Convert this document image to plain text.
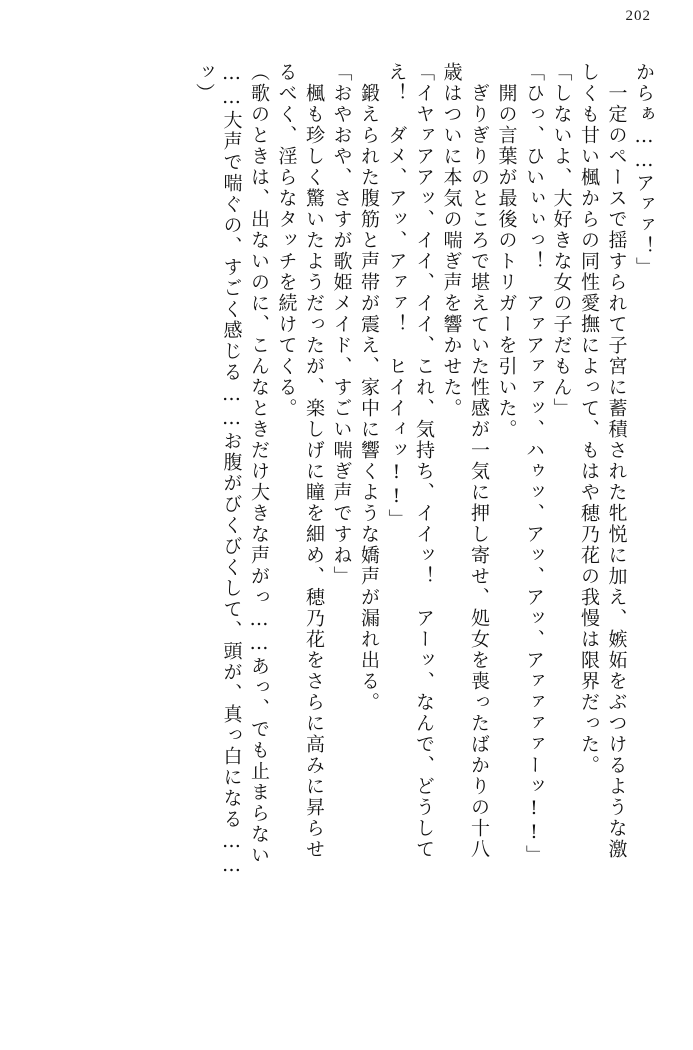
202
からぁ……アァァ！」
　一定のペースで揺すられて子宮に蓄積された牝悦に加え、嫉妬をぶつけるような激
しくも甘い楓からの同性愛撫によって、もはや穂乃花の我慢は限界だった。
「しないよ、大好きな女の子だもん」
「ひっ、ひいぃぃっ！　アァアァァッ、ハゥッ、アッ、アッ、アァァァァーッ!!」
　開の言葉が最後のトリガーを引いた。
　ぎりぎりのところで堪えていた性感が一気に押し寄せ、処女を喪ったばかりの十八
歳はついに本気の喘ぎ声を響かせた。
「イヤァアアッ、イイ、イイ、これ、気持ち、イイッ！　アーッ、なんで、どうして
え！　ダメ、アッ、アァァ！　ヒイイィッ!!」
　鍛えられた腹筋と声帯が震え、家中に響くような嬌声が漏れ出る。
「おやおや、さすが歌姫メイド、すごい喘ぎ声ですね」
　楓も珍しく驚いたようだったが、楽しげに瞳を細め、穂乃花をさらに高みに昇らせ
るべく、淫らなタッチを続けてくる。
（歌のときは、出ないのに、こんなときだけ大きな声がっ……あっ、でも止まらない
……大声で喘ぐの、すごく感じる……お腹がびくびくして、頭が、真っ白になる……
ッ）
